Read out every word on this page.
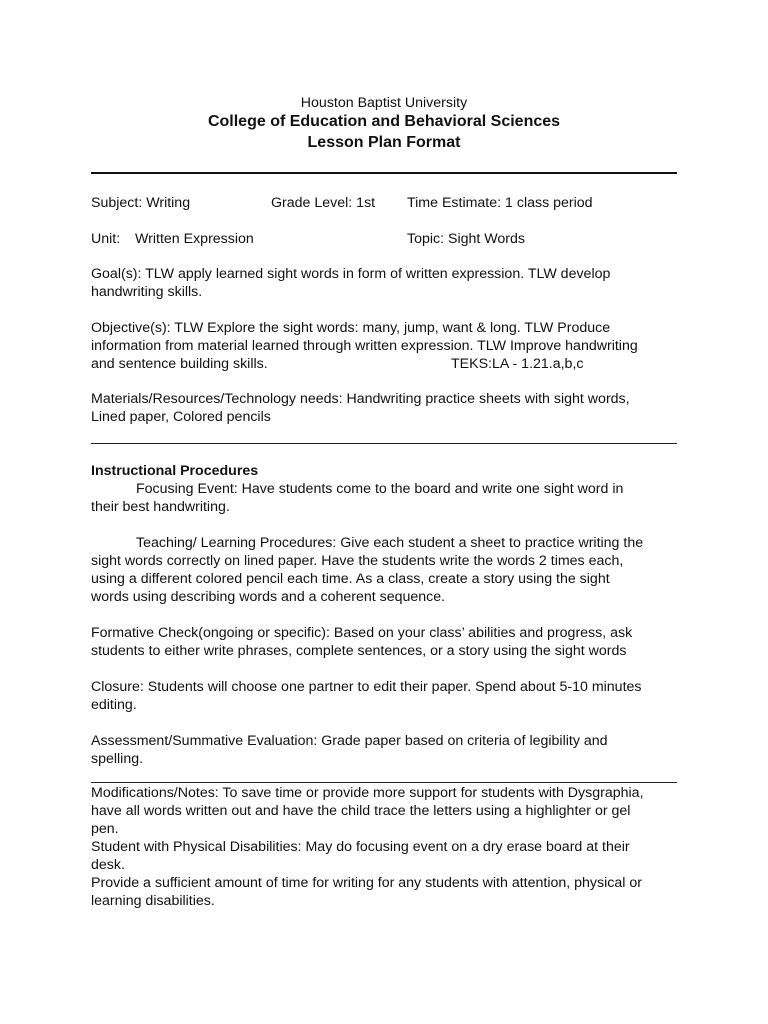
Houston Baptist University
College of Education and Behavioral Sciences
Lesson Plan Format
Subject: Writing	Grade Level: 1st Time Estimate: 1 class period
Unit: Written Expression	Topic: Sight Words

Goal(s): TLW apply learned sight words in form of written expression. TLW develop

handwriting skills.

Objective(s): TLW Explore the sight words: many, jump, want & long. TLW Produce

information from material learned through written expression. TLW Improve handwriting

and sentence building skills.	TEKS:LA - 1.21.a,b,c

Materials/Resources/Technology needs: Handwriting practice sheets with sight words,

Lined paper, Colored pencils

Instructional Procedures

Focusing Event: Have students come to the board and write one sight word in

their best handwriting.

Teaching/ Learning Procedures: Give each student a sheet to practice writing the

sight words correctly on lined paper. Have the students write the words 2 times each,

using a different colored pencil each time. As a class, create a story using the sight

words using describing words and a coherent sequence.

Formative Check(ongoing or specific): Based on your class’ abilities and progress, ask

students to either write phrases, complete sentences, or a story using the sight words

Closure: Students will choose one partner to edit their paper. Spend about 5-10 minutes

editing.

Assessment/Summative Evaluation: Grade paper based on criteria of legibility and

spelling.

Modifications/Notes: To save time or provide more support for students with Dysgraphia,

have all words written out and have the child trace the letters using a highlighter or gel

pen.

Student with Physical Disabilities: May do focusing event on a dry erase board at their

desk.

Provide a sufficient amount of time for writing for any students with attention, physical or

learning disabilities.
